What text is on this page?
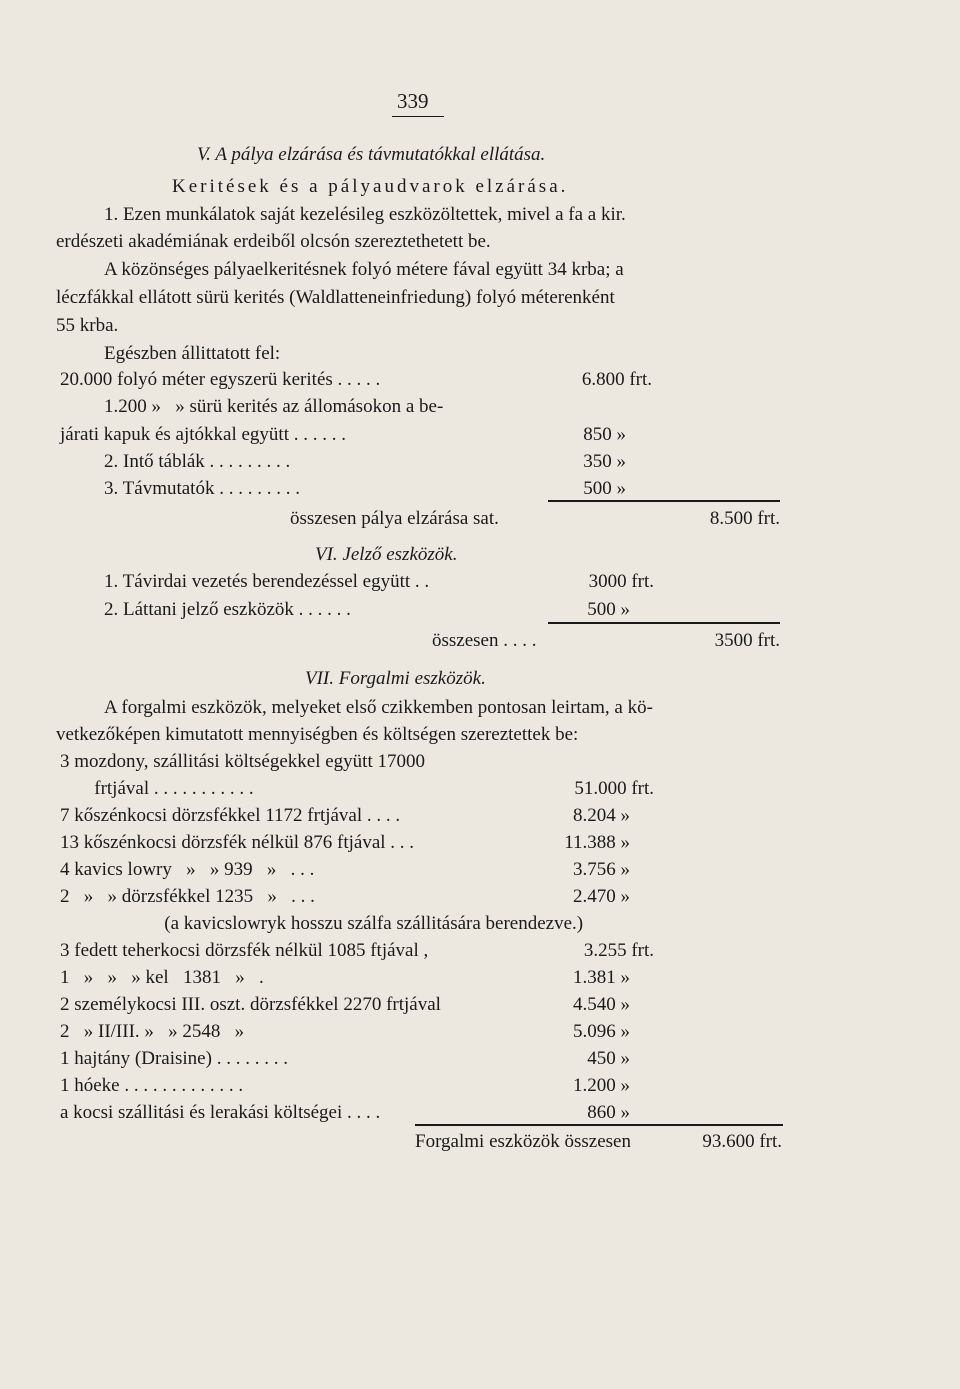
339
V. A pálya elzárása és távmutatókkal ellátása.
Keritések és a pályaudvarok elzárása.
1. Ezen munkálatok saját kezelésileg eszközöltettek, mivel a fa a kir.
erdészeti akadémiának erdeiből olcsón szereztethetett be.
A közönséges pályaelkeritésnek folyó métere fával együtt 34 krba; a
léczfákkal ellátott sürü kerités (Waldlatteneinfriedung) folyó méterenként
55 krba.
Egészben állittatott fel:
20.000 folyó méter egyszerü kerités . . . . .	6.800 frt.
1.200 »   » sürü kerités az állomásokon a be-
járati kapuk és ajtókkal együtt . . . . . .	850 »
2. Intő táblák . . . . . . . . .	350 »
3. Távmutatók . . . . . . . . .	500 »
összesen pálya elzárása sat.	8.500 frt.
VI. Jelző eszközök.
1. Távirdai vezetés berendezéssel együtt . .	3000 frt.
2. Láttani jelző eszközök . . . . . .	500 »
összesen . . . .	3500 frt.
VII. Forgalmi eszközök.
A forgalmi eszközök, melyeket első czikkemben pontosan leirtam, a kö-
vetkezőképen kimutatott mennyiségben és költségen szereztettek be:
3 mozdony, szállitási költségekkel együtt 17000
frtjával . . . . . . . . . . .	51.000 frt.
7 kőszénkocsi dörzsfékkel 1172 frtjával . . . .	8.204 »
13 kőszénkocsi dörzsfék nélkül 876 ftjával . . .	11.388 »
4 kavics lowry   »   » 939   »   . . .	3.756 »
2   »   » dörzsfékkel 1235   »   . . .	2.470 »
(a kavicslowryk hosszu szálfa szállitására berendezve.)
3 fedett teherkocsi dörzsfék nélkül 1085 ftjával ,	3.255 frt.
1   »   »   » kel   1381   »   .	1.381 »
2 személykocsi III. oszt. dörzsfékkel 2270 frtjával	4.540 »
2   » II/III. »   » 2548   »	5.096 »
1 hajtány (Draisine) . . . . . . . .	450 »
1 hóeke . . . . . . . . . . . . .	1.200 »
a kocsi szállitási és lerakási költségei . . . .	860 »
Forgalmi eszközök összesen	93.600 frt.
